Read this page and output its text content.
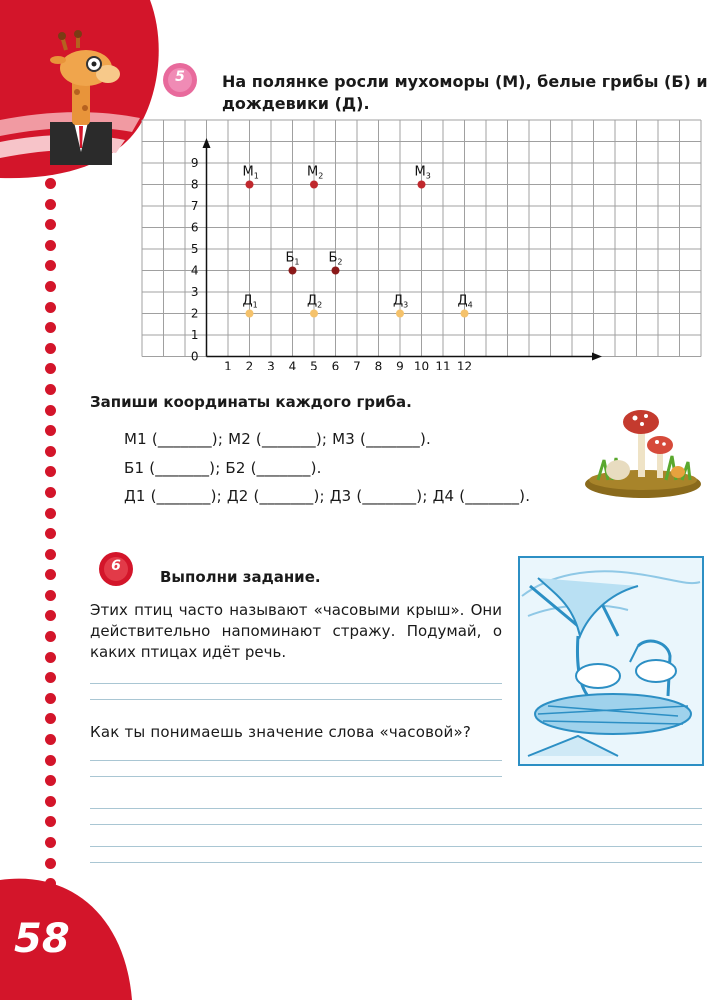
58
5	На полянке росли мухоморы (М), белые грибы (Б) и
дождевики (Д).
1 2 3 4 5 6 7 8 9 10 11 12
0
1
2
3
4
5
6
7
8
9
$М_1$	$М_2$	$М_3$
$Б_1$ $Б_2$
$Д_1$	$Д_2$	$Д_3$	$Д_4$
Запиши координаты каждого гриба.
М1 (_______); М2 (_______); М3 (_______).
Б1 (_______); Б2 (_______).
Д1 (_______); Д2 (_______); Д3 (_______); Д4 (_______).
6
Выполни задание.
Этих птиц часто называют «часовыми крыш». Они действительно напоминают стражу. Подумай, о каких птицах идёт речь.
Как ты понимаешь значение слова «часовой»?
